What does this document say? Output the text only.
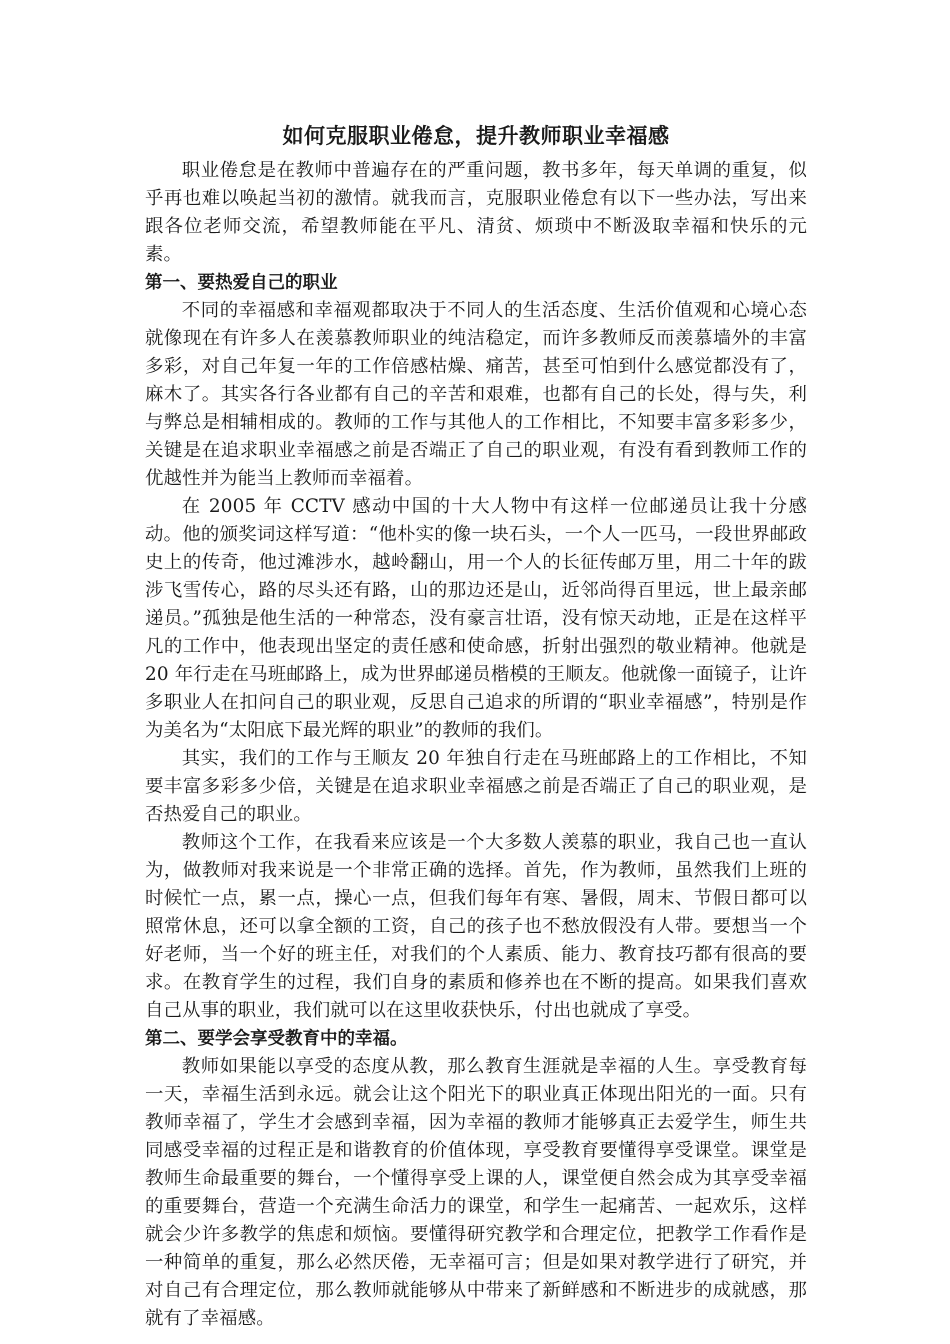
如何克服职业倦怠，提升教师职业幸福感

职业倦怠是在教师中普遍存在的严重问题，教书多年，每天单调的重复，似乎再也难以唤起当初的激情。就我而言，克服职业倦怠有以下一些办法，写出来跟各位老师交流，希望教师能在平凡、清贫、烦琐中不断汲取幸福和快乐的元素。

第一、要热爱自己的职业

不同的幸福感和幸福观都取决于不同人的生活态度、生活价值观和心境心态就像现在有许多人在羡慕教师职业的纯洁稳定，而许多教师反而羡慕墙外的丰富多彩，对自己年复一年的工作倍感枯燥、痛苦，甚至可怕到什么感觉都没有了，麻木了。其实各行各业都有自己的辛苦和艰难，也都有自己的长处，得与失，利与弊总是相辅相成的。教师的工作与其他人的工作相比，不知要丰富多彩多少，关键是在追求职业幸福感之前是否端正了自己的职业观，有没有看到教师工作的优越性并为能当上教师而幸福着。

在 2005 年 CCTV 感动中国的十大人物中有这样一位邮递员让我十分感动。他的颁奖词这样写道：“他朴实的像一块石头，一个人一匹马，一段世界邮政史上的传奇，他过滩涉水，越岭翻山，用一个人的长征传邮万里，用二十年的跋涉飞雪传心，路的尽头还有路，山的那边还是山，近邻尚得百里远，世上最亲邮递员。”孤独是他生活的一种常态，没有豪言壮语，没有惊天动地，正是在这样平凡的工作中，他表现出坚定的责任感和使命感，折射出强烈的敬业精神。他就是 20 年行走在马班邮路上，成为世界邮递员楷模的王顺友。他就像一面镜子，让许多职业人在扣问自己的职业观，反思自己追求的所谓的“职业幸福感”，特别是作为美名为“太阳底下最光辉的职业”的教师的我们。

其实，我们的工作与王顺友 20 年独自行走在马班邮路上的工作相比，不知要丰富多彩多少倍，关键是在追求职业幸福感之前是否端正了自己的职业观，是否热爱自己的职业。

教师这个工作，在我看来应该是一个大多数人羡慕的职业，我自己也一直认为，做教师对我来说是一个非常正确的选择。首先，作为教师，虽然我们上班的时候忙一点，累一点，操心一点，但我们每年有寒、暑假，周末、节假日都可以照常休息，还可以拿全额的工资，自己的孩子也不愁放假没有人带。要想当一个好老师，当一个好的班主任，对我们的个人素质、能力、教育技巧都有很高的要求。在教育学生的过程，我们自身的素质和修养也在不断的提高。如果我们喜欢自己从事的职业，我们就可以在这里收获快乐，付出也就成了享受。

第二、要学会享受教育中的幸福。

教师如果能以享受的态度从教，那么教育生涯就是幸福的人生。享受教育每一天，幸福生活到永远。就会让这个阳光下的职业真正体现出阳光的一面。只有教师幸福了，学生才会感到幸福，因为幸福的教师才能够真正去爱学生，师生共同感受幸福的过程正是和谐教育的价值体现，享受教育要懂得享受课堂。课堂是教师生命最重要的舞台，一个懂得享受上课的人，课堂便自然会成为其享受幸福的重要舞台，营造一个充满生命活力的课堂，和学生一起痛苦、一起欢乐，这样就会少许多教学的焦虑和烦恼。要懂得研究教学和合理定位，把教学工作看作是一种简单的重复，那么必然厌倦，无幸福可言；但是如果对教学进行了研究，并对自己有合理定位，那么教师就能够从中带来了新鲜感和不断进步的成就感，那就有了幸福感。
